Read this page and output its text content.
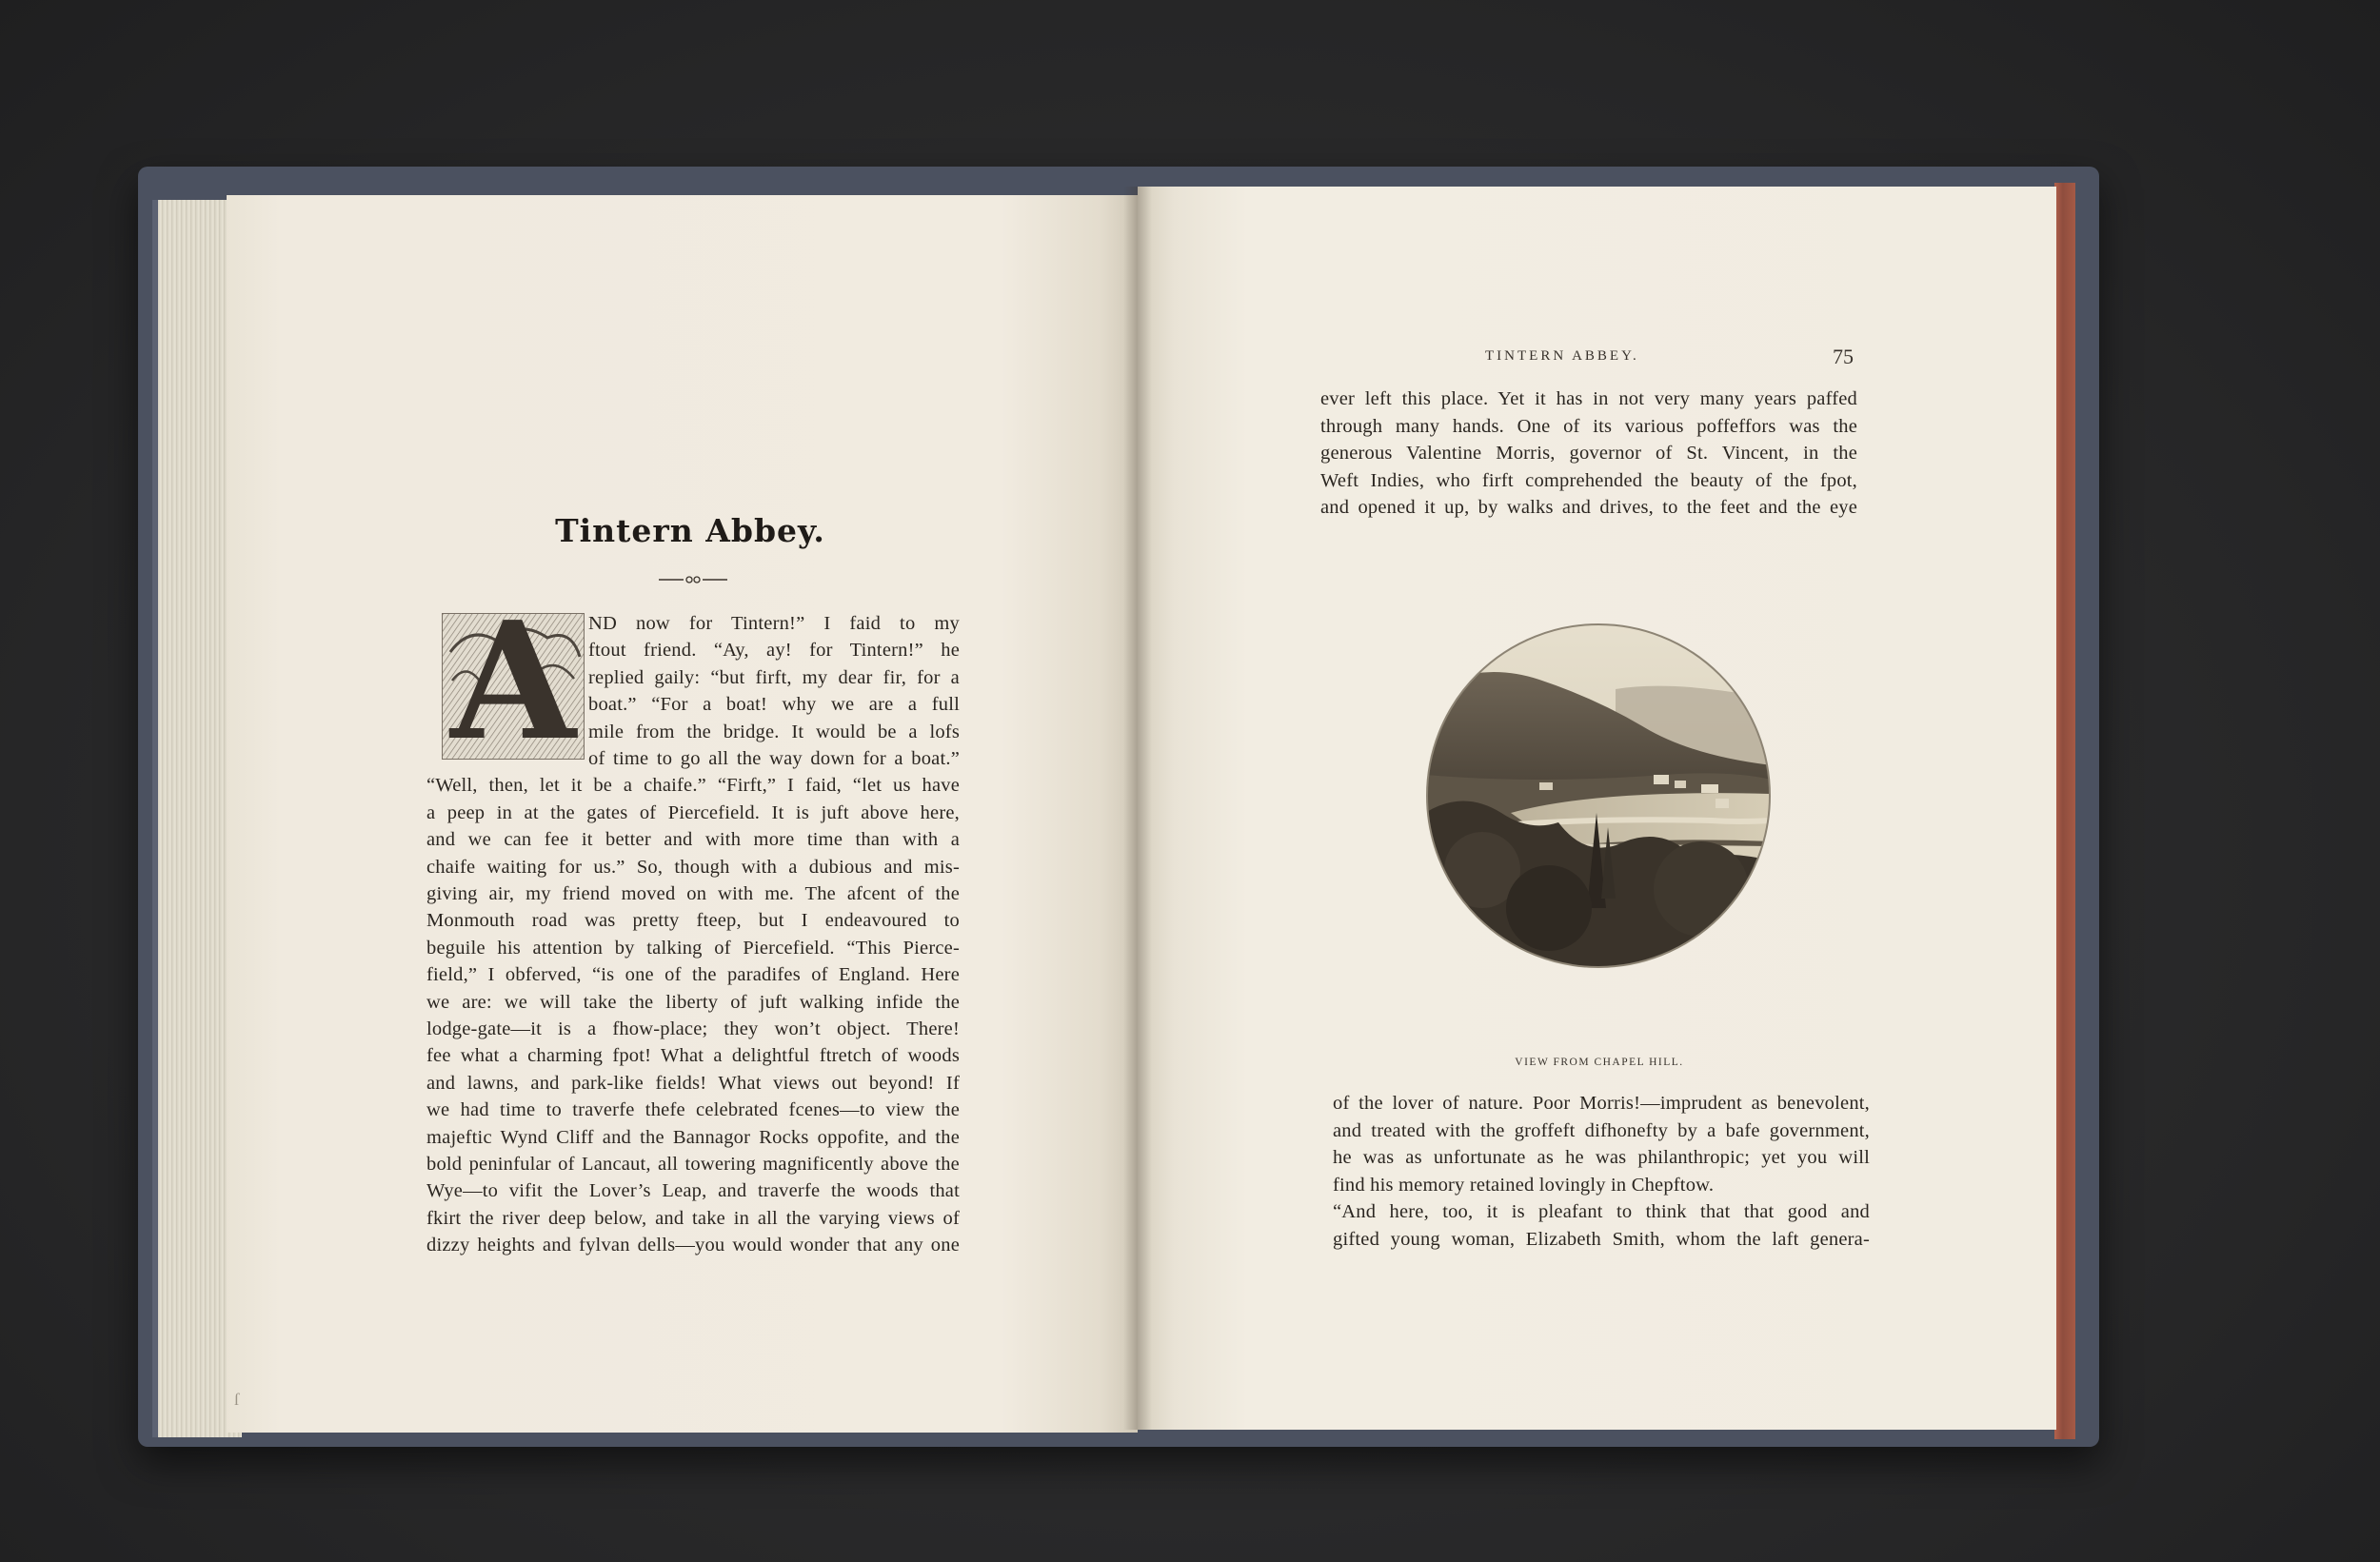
Tintern Abbey.
A ND now for Tintern!” I faid to my
ftout friend. “Ay, ay! for Tintern!” he
replied gaily: “but firft, my dear fir, for a
boat.” “For a boat! why we are a full
mile from the bridge. It would be a lofs
of time to go all the way down for a boat.”
“Well, then, let it be a chaife.” “Firft,” I faid, “let us have
a peep in at the gates of Piercefield. It is juft above here,
and we can fee it better and with more time than with a
chaife waiting for us.” So, though with a dubious and mis-
giving air, my friend moved on with me. The afcent of the
Monmouth road was pretty fteep, but I endeavoured to
beguile his attention by talking of Piercefield. “This Pierce-
field,” I obferved, “is one of the paradifes of England. Here
we are: we will take the liberty of juft walking infide the
lodge-gate—it is a fhow-place; they won’t object. There!
fee what a charming fpot! What a delightful ftretch of woods
and lawns, and park-like fields! What views out beyond! If
we had time to traverfe thefe celebrated fcenes—to view the
majeftic Wynd Cliff and the Bannagor Rocks oppofite, and the
bold peninfular of Lancaut, all towering magnificently above the
Wye—to vifit the Lover’s Leap, and traverfe the woods that
fkirt the river deep below, and take in all the varying views of
dizzy heights and fylvan dells—you would wonder that any one
TINTERN ABBEY.	75
ever left this place. Yet it has in not very many years paffed
through many hands. One of its various poffeffors was the
generous Valentine Morris, governor of St. Vincent, in the
Weft Indies, who firft comprehended the beauty of the fpot,
and opened it up, by walks and drives, to the feet and the eye
VIEW FROM CHAPEL HILL.
of the lover of nature. Poor Morris!—imprudent as benevolent,
and treated with the groffeft difhonefty by a bafe government,
he was as unfortunate as he was philanthropic; yet you will
find his memory retained lovingly in Chepftow.
“And here, too, it is pleafant to think that that good and
gifted young woman, Elizabeth Smith, whom the laft genera-
ſ
